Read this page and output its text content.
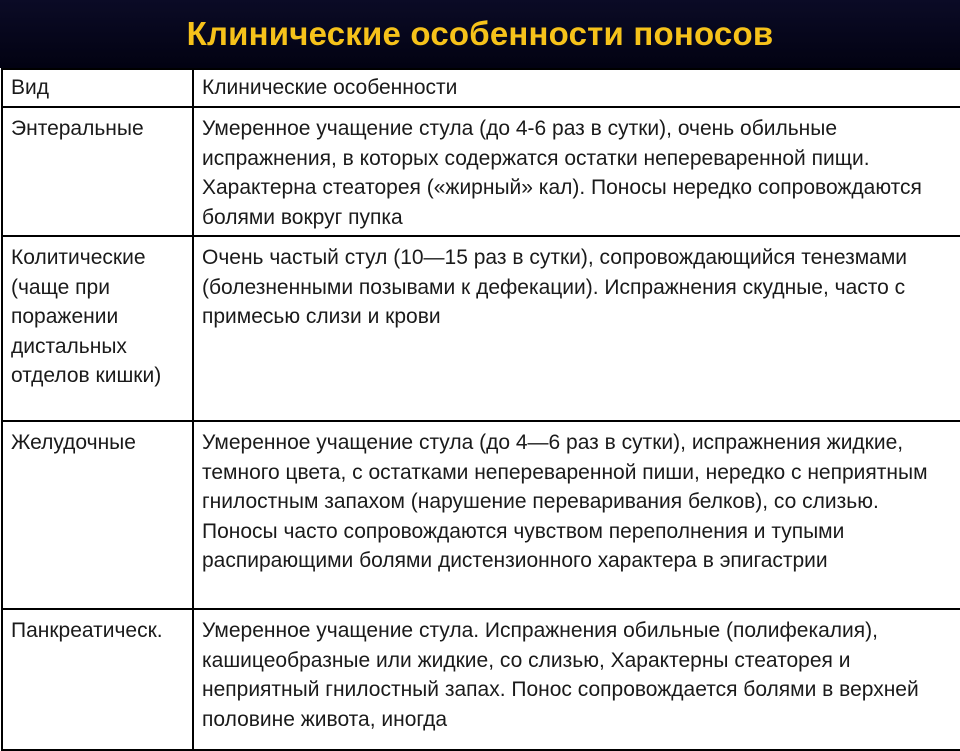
Клинические особенности поносов
Вид	Клинические особенности
Энтеральные	Умеренное учащение стула (до 4-6 раз в сутки), очень обильные испражнения, в которых содержатся остатки непереваренной пищи. Характерна стеаторея («жирный» кал). Поносы нередко сопровождаются болями вокруг пупка
Колитические (чаще при поражении дистальных отделов кишки)	Очень частый стул (10—15 раз в сутки), сопровождающийся тенезмами (болезненными позывами к дефекации). Испражнения скудные, часто с примесью слизи и крови
Желудочные	Умеренное учащение стула (до 4—6 раз в сутки), испражнения жидкие, темного цвета, с остатками непереваренной пиши, нередко с неприятным гнилостным запахом (нарушение переваривания белков), со слизью. Поносы часто сопровождаются чувством переполнения и тупыми распирающими болями дистензионного характера в эпигастрии
Панкреатическ.	Умеренное учащение стула. Испражнения обильные (полифекалия), кашицеобразные или жидкие, со слизью, Характерны стеаторея и неприятный гнилостный запах. Понос сопровождается болями в верхней половине живота, иногда
